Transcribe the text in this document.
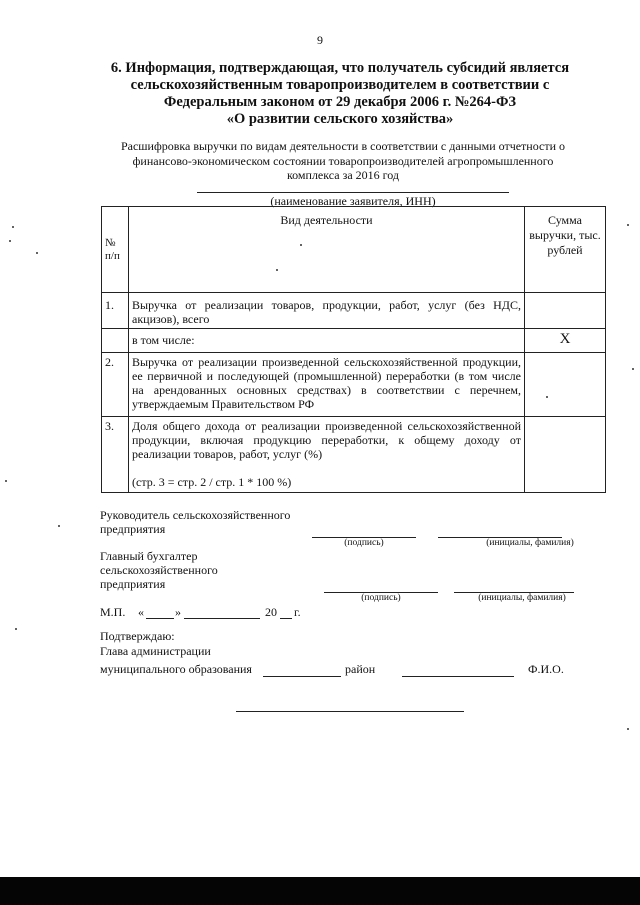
9
6. Информация, подтверждающая, что получатель субсидий является
сельскохозяйственным товаропроизводителем в соответствии с
Федеральным законом от 29 декабря 2006 г. №264-ФЗ
«О развитии сельского хозяйства»
Расшифровка выручки по видам деятельности в соответствии с данными отчетности о
финансово-экономическом состоянии товаропроизводителей агропромышленного
комплекса за 2016 год
(наименование заявителя, ИНН)
№ п/п	Вид деятельности	Сумма выручки, тыс. рублей
1.	Выручка от реализации товаров, продукции, работ, услуг (без НДС, акцизов), всего	
	в том числе:	X
2.	Выручка от реализации произведенной сельскохозяйственной продукции, ее первичной и последующей (промышленной) переработки (в том числе на арендованных основных средствах) в соответствии с перечнем, утверждаемым Правительством РФ	
3.	Доля общего дохода от реализации произведенной сельскохозяйственной продукции, включая продукцию переработки, к общему доходу от реализации товаров, работ, услуг (%)
(стр. 3 = стр. 2 / стр. 1 * 100 %)	

Руководитель сельскохозяйственного
предприятия
(подпись)	(инициалы, фамилия)
Главный бухгалтер
сельскохозяйственного
предприятия
(подпись)	(инициалы, фамилия)
М.П. «	»	20 г.
Подтверждаю:
Глава администрации
муниципального образования	район	Ф.И.О.
